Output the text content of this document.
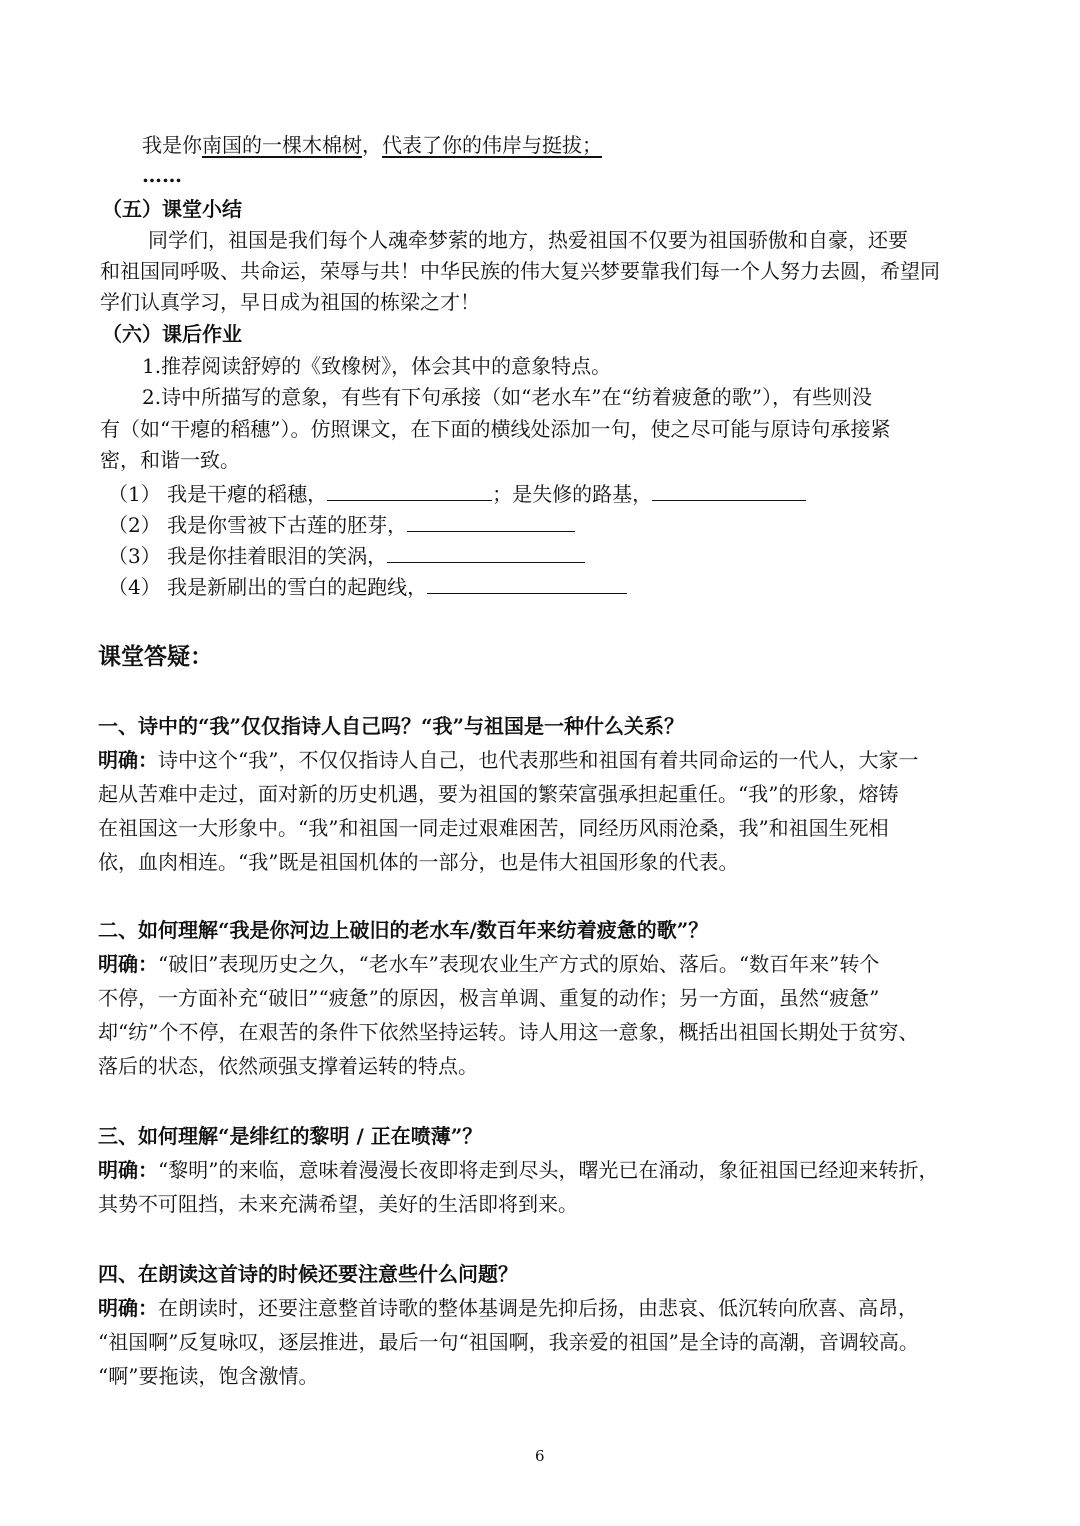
我是你南国的一棵木棉树，代表了你的伟岸与挺拔；
……
（五）课堂小结
同学们，祖国是我们每个人魂牵梦萦的地方，热爱祖国不仅要为祖国骄傲和自豪，还要
和祖国同呼吸、共命运，荣辱与共！中华民族的伟大复兴梦要靠我们每一个人努力去圆，希望同
学们认真学习，早日成为祖国的栋梁之才！
（六）课后作业
1.推荐阅读舒婷的《致橡树》，体会其中的意象特点。
2.诗中所描写的意象，有些有下句承接（如“老水车”在“纺着疲惫的歌”），有些则没
有（如“干瘪的稻穗”）。仿照课文，在下面的横线处添加一句，使之尽可能与原诗句承接紧
密，和谐一致。
（1） 我是干瘪的稻穗，	；是失修的路基，
（2） 我是你雪被下古莲的胚芽，
（3） 我是你挂着眼泪的笑涡，
（4） 我是新刷出的雪白的起跑线，
课堂答疑：
一、诗中的“我”仅仅指诗人自己吗？“我”与祖国是一种什么关系？
明确：诗中这个“我”，不仅仅指诗人自己，也代表那些和祖国有着共同命运的一代人，大家一
起从苦难中走过，面对新的历史机遇，要为祖国的繁荣富强承担起重任。“我”的形象，熔铸
在祖国这一大形象中。“我”和祖国一同走过艰难困苦，同经历风雨沧桑，我”和祖国生死相
依，血肉相连。“我”既是祖国机体的一部分，也是伟大祖国形象的代表。
二、如何理解“我是你河边上破旧的老水车/数百年来纺着疲惫的歌”？
明确：“破旧”表现历史之久，“老水车”表现农业生产方式的原始、落后。“数百年来”转个
不停，一方面补充“破旧”“疲惫”的原因，极言单调、重复的动作；另一方面，虽然“疲惫”
却“纺”个不停，在艰苦的条件下依然坚持运转。诗人用这一意象，概括出祖国长期处于贫穷、
落后的状态，依然顽强支撑着运转的特点。
三、如何理解“是绯红的黎明 / 正在喷薄”？
明确：“黎明”的来临，意味着漫漫长夜即将走到尽头，曙光已在涌动，象征祖国已经迎来转折，
其势不可阻挡，未来充满希望，美好的生活即将到来。
四、在朗读这首诗的时候还要注意些什么问题？
明确：在朗读时，还要注意整首诗歌的整体基调是先抑后扬，由悲哀、低沉转向欣喜、高昂，
“祖国啊”反复咏叹，逐层推进，最后一句“祖国啊，我亲爱的祖国”是全诗的高潮，音调较高。
“啊”要拖读，饱含激情。
6
